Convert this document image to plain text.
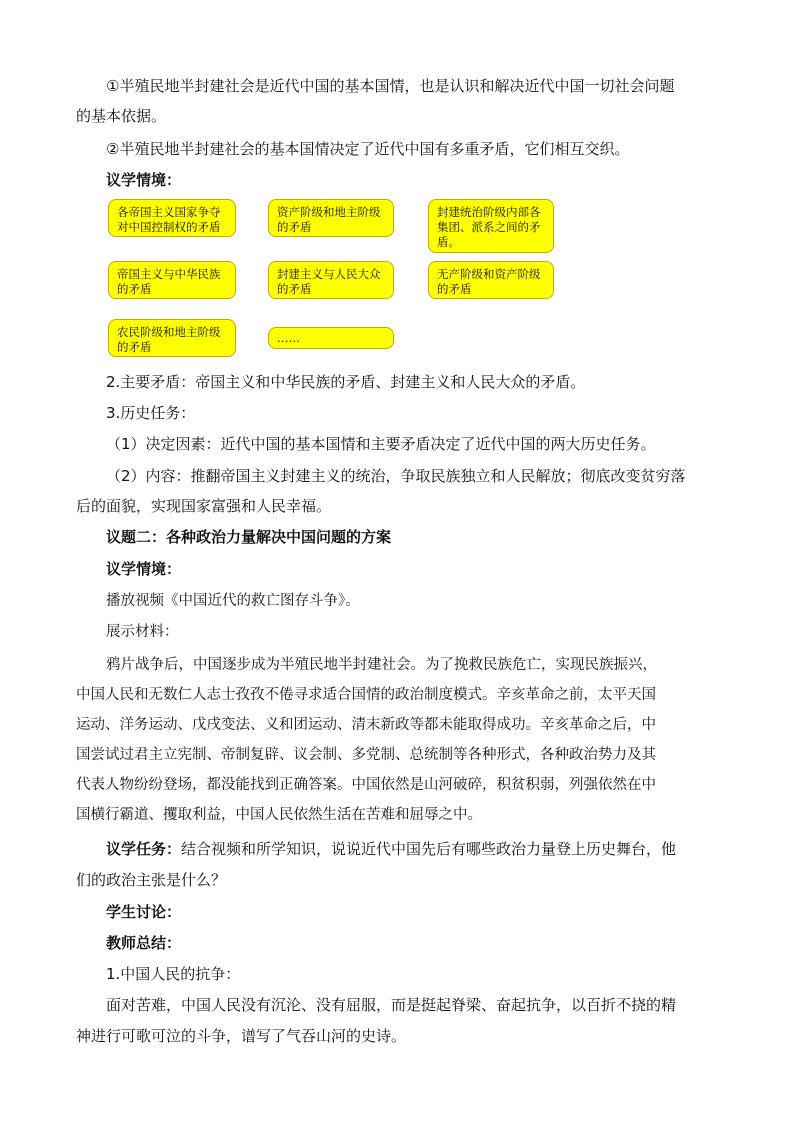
①半殖民地半封建社会是近代中国的基本国情，也是认识和解决近代中国一切社会问题
的基本依据。
②半殖民地半封建社会的基本国情决定了近代中国有多重矛盾，它们相互交织。
议学情境：
各帝国主义国家争夺对中国控制权的矛盾
资产阶级和地主阶级的矛盾
封建统治阶级内部各集团、派系之间的矛盾。
帝国主义与中华民族的矛盾
封建主义与人民大众的矛盾
无产阶级和资产阶级的矛盾
农民阶级和地主阶级的矛盾
……
2.主要矛盾：帝国主义和中华民族的矛盾、封建主义和人民大众的矛盾。
3.历史任务：
（1）决定因素：近代中国的基本国情和主要矛盾决定了近代中国的两大历史任务。
（2）内容：推翻帝国主义封建主义的统治，争取民族独立和人民解放；彻底改变贫穷落
后的面貌，实现国家富强和人民幸福。
议题二：各种政治力量解决中国问题的方案
议学情境：
播放视频《中国近代的救亡图存斗争》。
展示材料：
鸦片战争后，中国逐步成为半殖民地半封建社会。为了挽救民族危亡，实现民族振兴，
中国人民和无数仁人志士孜孜不倦寻求适合国情的政治制度模式。辛亥革命之前，太平天国
运动、洋务运动、戊戌变法、义和团运动、清末新政等都未能取得成功。辛亥革命之后，中
国尝试过君主立宪制、帝制复辟、议会制、多党制、总统制等各种形式，各种政治势力及其
代表人物纷纷登场，都没能找到正确答案。中国依然是山河破碎，积贫积弱，列强依然在中
国横行霸道、攫取利益，中国人民依然生活在苦难和屈辱之中。
议学任务：结合视频和所学知识，说说近代中国先后有哪些政治力量登上历史舞台，他
们的政治主张是什么？
学生讨论：
教师总结：
1.中国人民的抗争：
面对苦难，中国人民没有沉沦、没有屈服，而是挺起脊梁、奋起抗争，以百折不挠的精
神进行可歌可泣的斗争，谱写了气吞山河的史诗。
